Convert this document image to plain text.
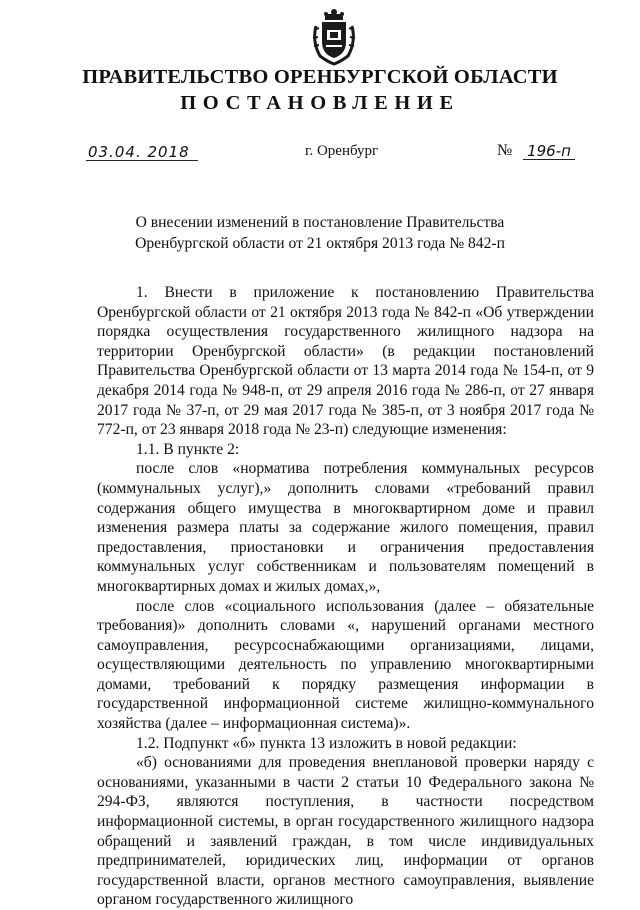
ПРАВИТЕЛЬСТВО ОРЕНБУРГСКОЙ ОБЛАСТИ
ПОСТАНОВЛЕНИЕ
03.04. 2018	г. Оренбург	№ 196-п
О внесении изменений в постановление Правительства
Оренбургской области от 21 октября 2013 года № 842-п

1. Внести в приложение к постановлению Правительства Оренбургской области от 21 октября 2013 года № 842-п «Об утверждении порядка осуществления государственного жилищного надзора на территории Оренбургской области» (в редакции постановлений Правительства Оренбургской области от 13 марта 2014 года № 154-п, от 9 декабря 2014 года № 948-п, от 29 апреля 2016 года № 286-п, от 27 января 2017 года № 37-п, от 29 мая 2017 года № 385-п, от 3 ноября 2017 года № 772-п, от 23 января 2018 года № 23-п) следующие изменения:

1.1. В пункте 2:

после слов «норматива потребления коммунальных ресурсов (коммунальных услуг),» дополнить словами «требований правил содержания общего имущества в многоквартирном доме и правил изменения размера платы за содержание жилого помещения, правил предоставления, приостановки и ограничения предоставления коммунальных услуг собственникам и пользователям помещений в многоквартирных домах и жилых домах,»,

после слов «социального использования (далее – обязательные требования)» дополнить словами «, нарушений органами местного самоуправления, ресурсоснабжающими организациями, лицами, осуществляющими деятельность по управлению многоквартирными домами, требований к порядку размещения информации в государственной информационной системе жилищно-коммунального хозяйства (далее – информационная система)».

1.2. Подпункт «б» пункта 13 изложить в новой редакции:

«б) основаниями для проведения внеплановой проверки наряду с основаниями, указанными в части 2 статьи 10 Федерального закона № 294-ФЗ, являются поступления, в частности посредством информационной системы, в орган государственного жилищного надзора обращений и заявлений граждан, в том числе индивидуальных предпринимателей, юридических лиц, информации от органов государственной власти, органов местного самоуправления, выявление органом государственного жилищного
